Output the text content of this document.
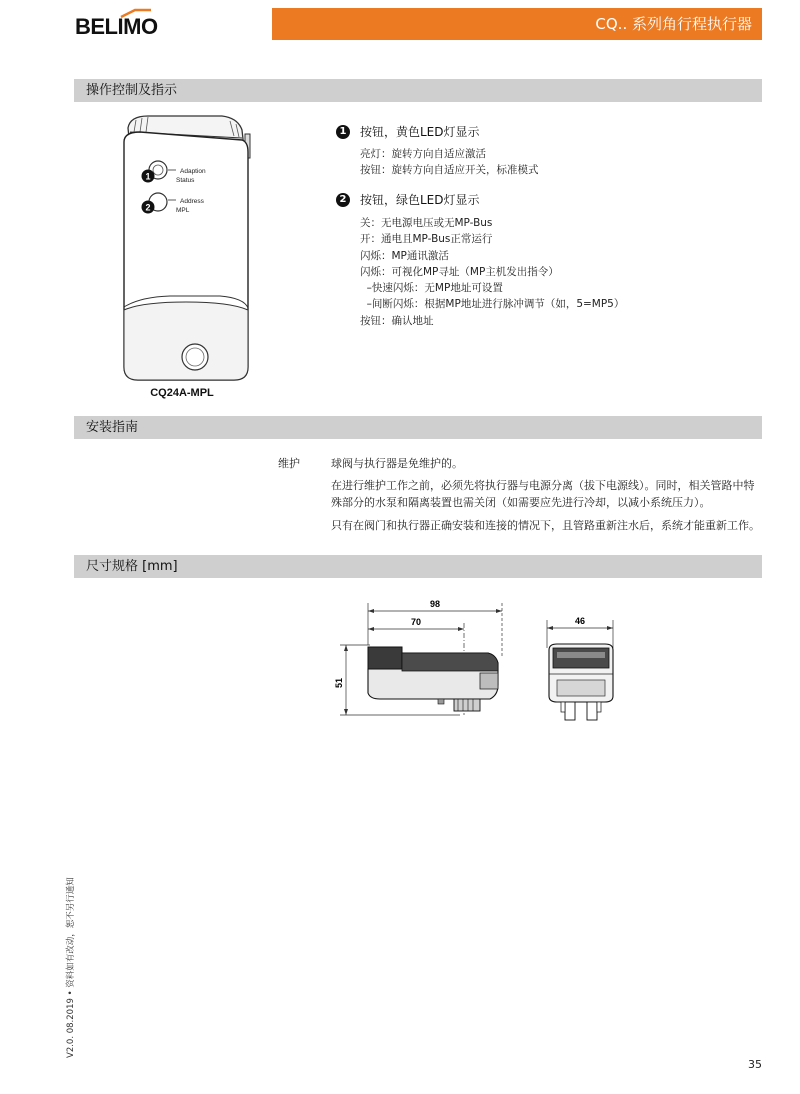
BELIMO	CQ.. 系列角行程执行器
操作控制及指示
1
2
Adaption
Status
Address
MPL
CQ24A-MPL
1 按钮，黄色LED灯显示
亮灯：旋转方向自适应激活
按钮：旋转方向自适应开关，标准模式
2 按钮，绿色LED灯显示
关：无电源电压或无MP-Bus
开：通电且MP-Bus正常运行
闪烁：MP通讯激活
闪烁：可视化MP寻址（MP主机发出指令）
–快速闪烁：无MP地址可设置
–间断闪烁：根据MP地址进行脉冲调节（如，5=MP5）
按钮：确认地址
安装指南
维护	球阀与执行器是免维护的。
在进行维护工作之前，必须先将执行器与电源分离（拔下电源线）。同时，相关管路中特殊部分的水泵和隔离装置也需关闭（如需要应先进行冷却，以减小系统压力）。
只有在阀门和执行器正确安装和连接的情况下，且管路重新注水后，系统才能重新工作。
尺寸规格 [mm]
98
70
51
46
V2.0. 08.2019 • 资料如有改动，恕不另行通知
35
